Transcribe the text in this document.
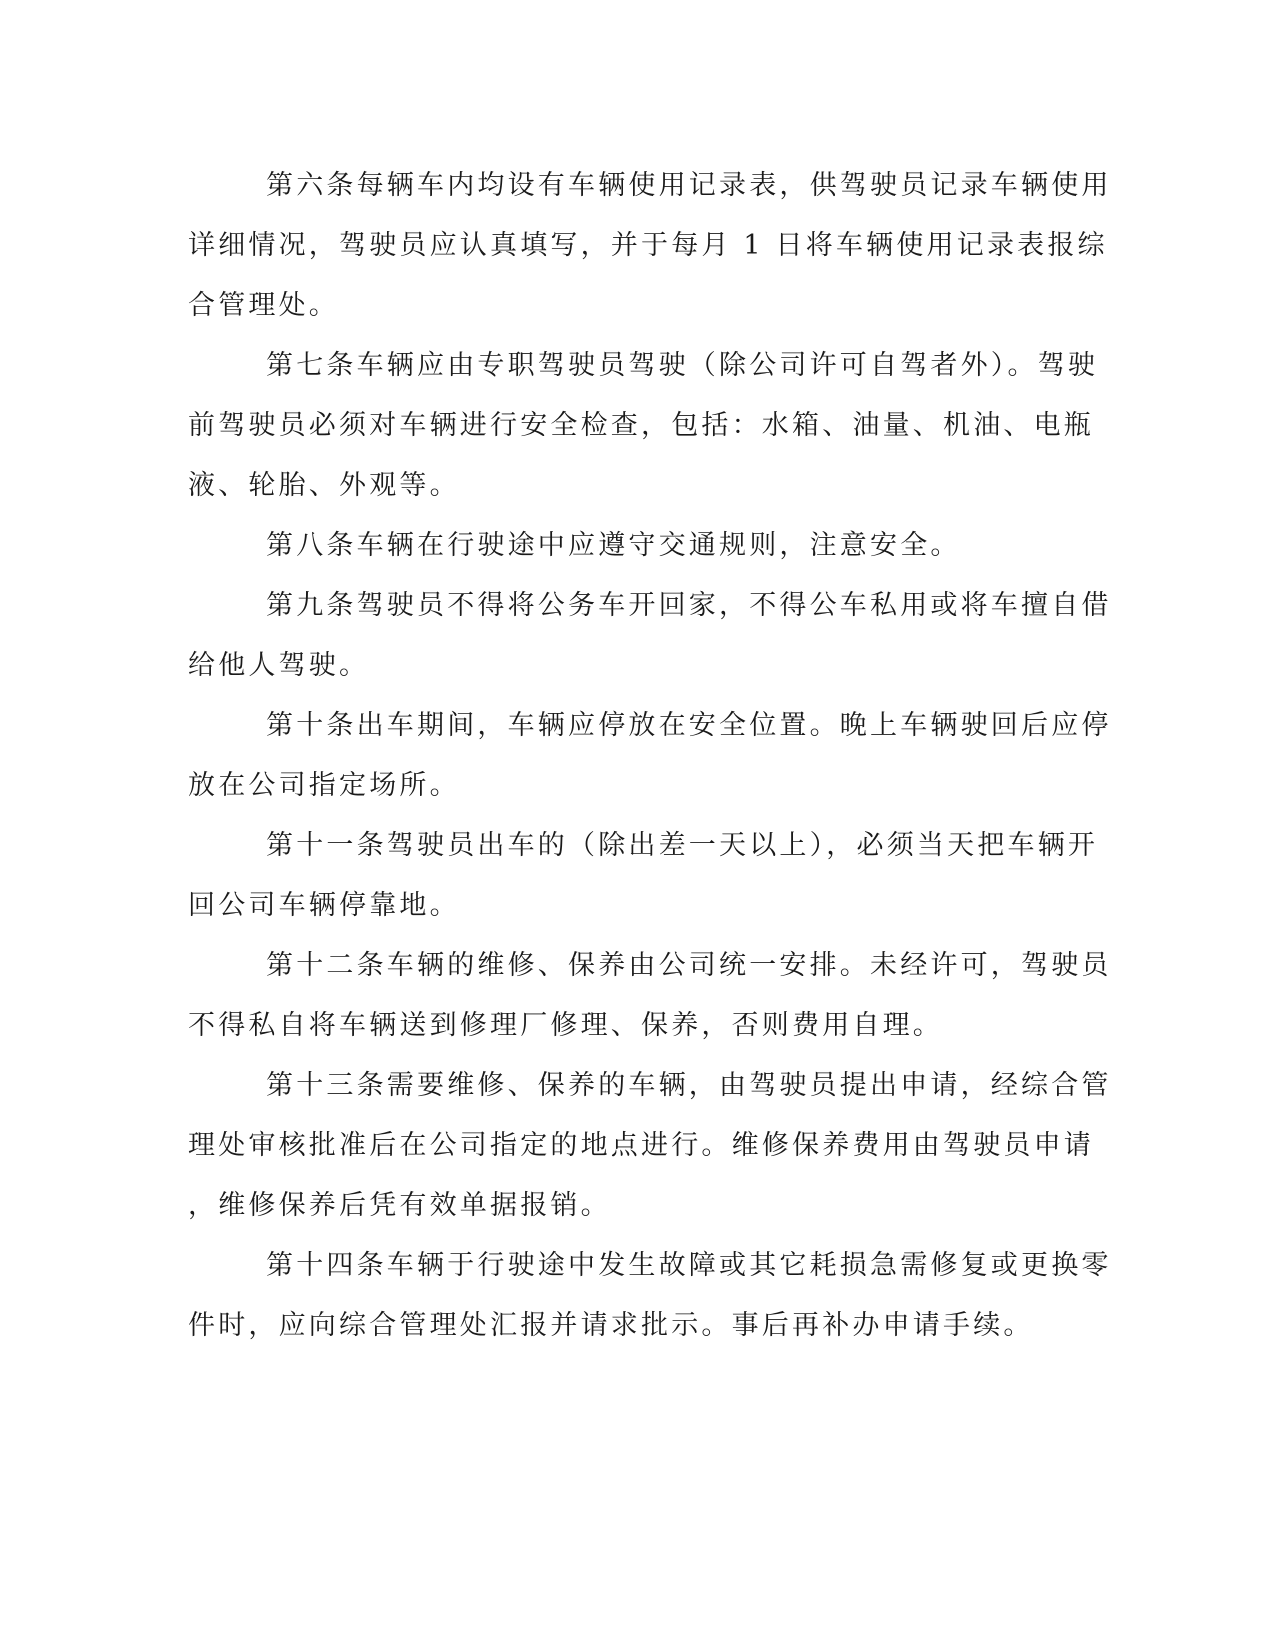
第六条每辆车内均设有车辆使用记录表，供驾驶员记录车辆使用
详细情况，驾驶员应认真填写，并于每月 1 日将车辆使用记录表报综
合管理处。
第七条车辆应由专职驾驶员驾驶（除公司许可自驾者外）。驾驶
前驾驶员必须对车辆进行安全检查，包括：水箱、油量、机油、电瓶
液、轮胎、外观等。
第八条车辆在行驶途中应遵守交通规则，注意安全。
第九条驾驶员不得将公务车开回家，不得公车私用或将车擅自借
给他人驾驶。
第十条出车期间，车辆应停放在安全位置。晚上车辆驶回后应停
放在公司指定场所。
第十一条驾驶员出车的（除出差一天以上），必须当天把车辆开
回公司车辆停靠地。
第十二条车辆的维修、保养由公司统一安排。未经许可，驾驶员
不得私自将车辆送到修理厂修理、保养，否则费用自理。
第十三条需要维修、保养的车辆，由驾驶员提出申请，经综合管
理处审核批准后在公司指定的地点进行。维修保养费用由驾驶员申请
，维修保养后凭有效单据报销。
第十四条车辆于行驶途中发生故障或其它耗损急需修复或更换零
件时，应向综合管理处汇报并请求批示。事后再补办申请手续。
